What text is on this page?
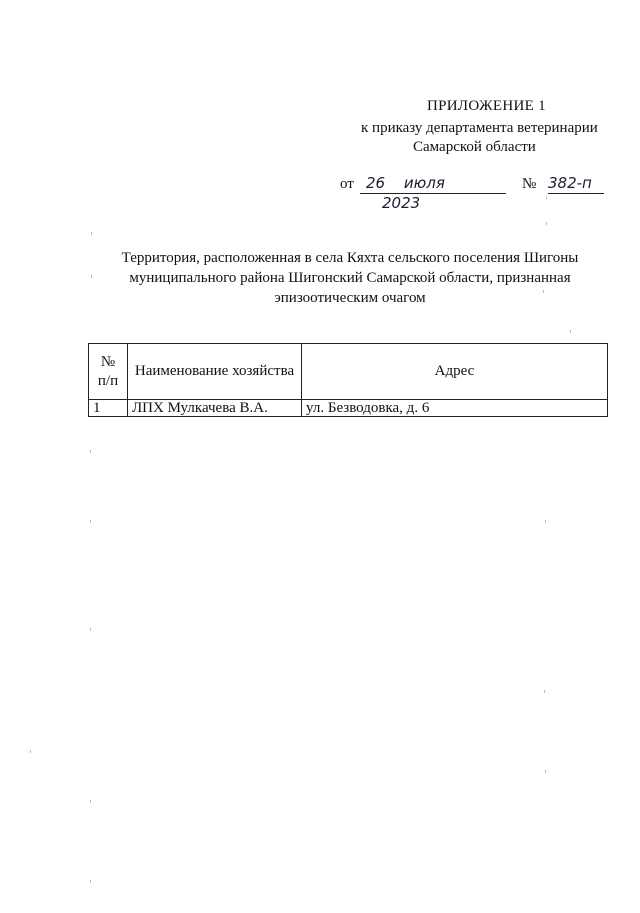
ПРИЛОЖЕНИЕ 1
к приказу департамента ветеринарии
Самарской области
от 26 июля 2023
№ 382-п
Территория, расположенная в села Кяхта сельского поселения Шигоны
муниципального района Шигонский Самарской области, признанная
эпизоотическим очагом
№ п/п	Наименование хозяйства	Адрес
1	ЛПХ Мулкачева В.А.	ул. Безводовка, д. 6
